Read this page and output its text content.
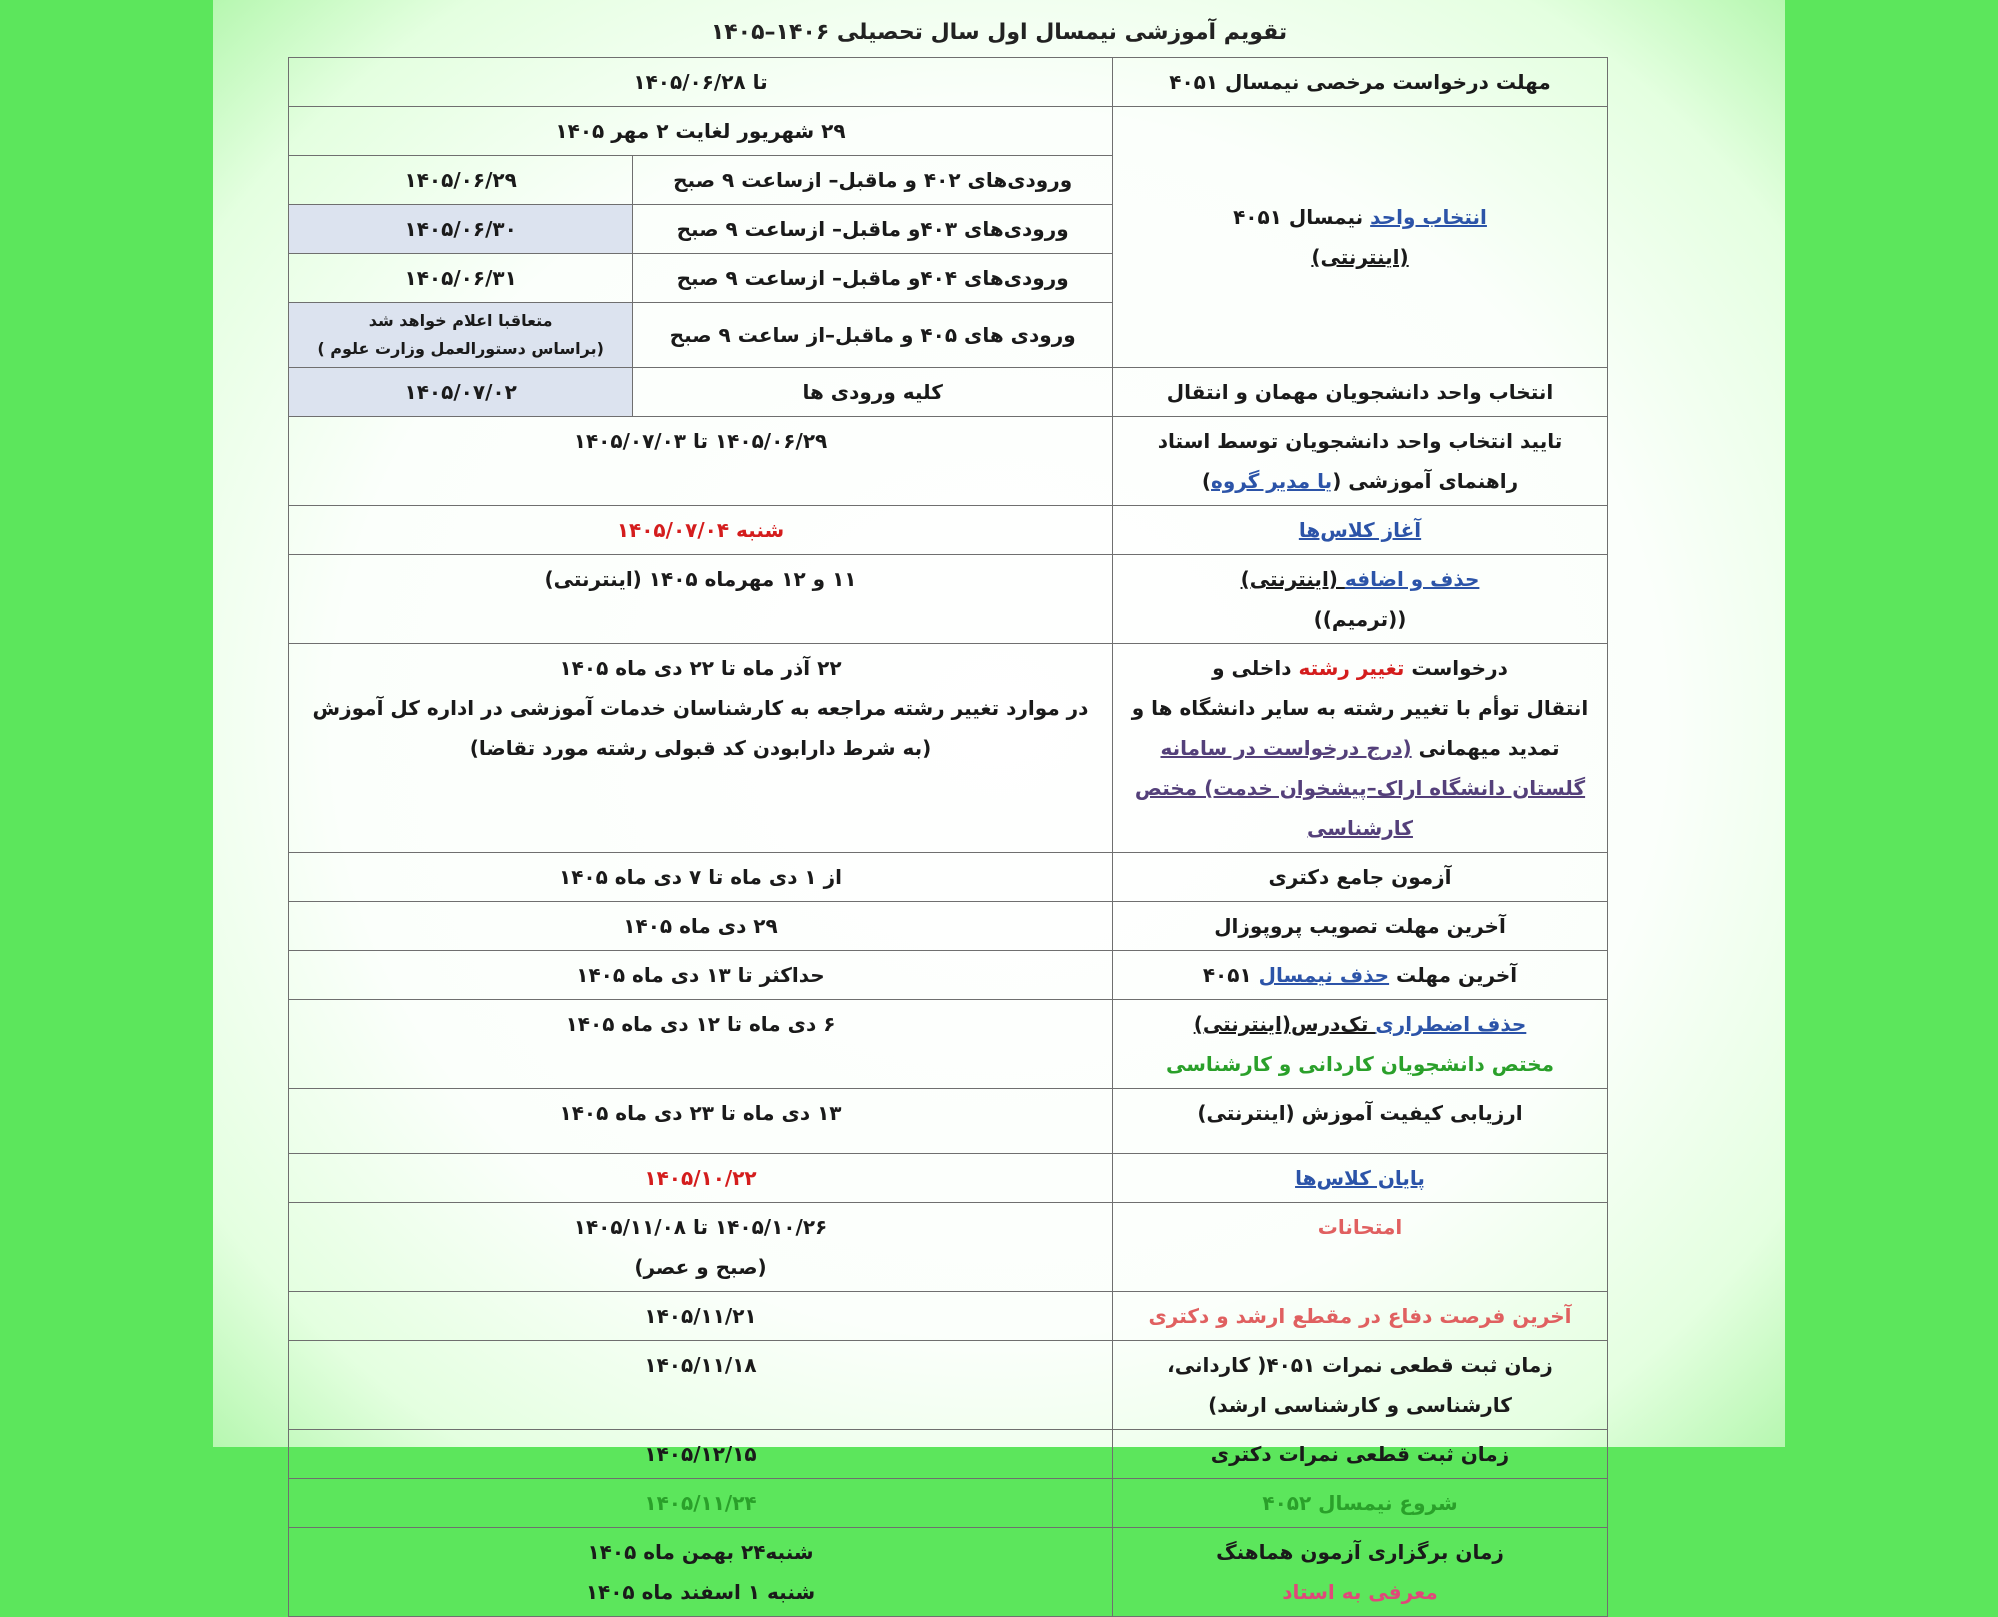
تقویم آموزشی نیمسال اول سال تحصیلی ۱۴۰۶–۱۴۰۵
مهلت درخواست مرخصی نیمسال ۴۰۵۱	تا ۱۴۰۵/۰۶/۲۸	
انتخاب واحد نیمسال ۴۰۵۱
(اینترنتی)	۲۹ شهریور لغایت ۲ مهر ۱۴۰۵	
	ورودی‌های ۴۰۲ و ماقبل– ازساعت ۹ صبح	۱۴۰۵/۰۶/۲۹
	ورودی‌های ۴۰۳و ماقبل– ازساعت ۹ صبح	۱۴۰۵/۰۶/۳۰
	ورودی‌های ۴۰۴و ماقبل– ازساعت ۹ صبح	۱۴۰۵/۰۶/۳۱
	ورودی های ۴۰۵ و ماقبل–از ساعت ۹ صبح	متعاقبا اعلام خواهد شد
(براساس دستورالعمل وزارت علوم )
انتخاب واحد دانشجویان مهمان و انتقال	کلیه ورودی ها	۱۴۰۵/۰۷/۰۲
تایید انتخاب واحد دانشجویان توسط استاد
راهنمای آموزشی (یا مدیر گروه)	۱۴۰۵/۰۶/۲۹ تا ۱۴۰۵/۰۷/۰۳	
آغاز کلاس‌ها	شنبه ۱۴۰۵/۰۷/۰۴	
حذف و اضافه (اینترنتی)
((ترمیم))	۱۱ و ۱۲ مهرماه ۱۴۰۵ (اینترنتی)	
درخواست تغییر رشته داخلی و
انتقال توأم با تغییر رشته به سایر دانشگاه ها و
تمدید میهمانی (درج درخواست در سامانه
گلستان دانشگاه اراک–پیشخوان خدمت) مختص
کارشناسی	۲۲ آذر ماه تا ۲۲ دی ماه ۱۴۰۵
در موارد تغییر رشته مراجعه به کارشناسان خدمات آموزشی در اداره کل آموزش
(به شرط دارابودن کد قبولی رشته مورد تقاضا)	
آزمون جامع دکتری	از ۱ دی ماه تا ۷ دی ماه ۱۴۰۵	
آخرین مهلت تصویب پروپوزال	۲۹ دی ماه ۱۴۰۵	
آخرین مهلت حذف نیمسال ۴۰۵۱	حداکثر تا ۱۳ دی ماه ۱۴۰۵	
حذف اضطراری تک‌درس(اینترنتی)
مختص دانشجویان کاردانی و کارشناسی	۶ دی ماه تا ۱۲ دی ماه ۱۴۰۵	
ارزیابی کیفیت آموزش (اینترنتی)	۱۳ دی ماه تا ۲۳ دی ماه ۱۴۰۵	
پایان کلاس‌ها	۱۴۰۵/۱۰/۲۲	
امتحانات	۱۴۰۵/۱۰/۲۶ تا ۱۴۰۵/۱۱/۰۸
(صبح و عصر)	
آخرین فرصت دفاع در مقطع ارشد و دکتری	۱۴۰۵/۱۱/۲۱	
زمان ثبت قطعی نمرات ۴۰۵۱( کاردانی،
کارشناسی و کارشناسی ارشد)	۱۴۰۵/۱۱/۱۸	
زمان ثبت قطعی نمرات دکتری	۱۴۰۵/۱۲/۱۵	
شروع نیمسال ۴۰۵۲	۱۴۰۵/۱۱/۲۴	
زمان برگزاری آزمون هماهنگ
معرفی به استاد	شنبه۲۴ بهمن ماه ۱۴۰۵
شنبه ۱ اسفند ماه ۱۴۰۵	
